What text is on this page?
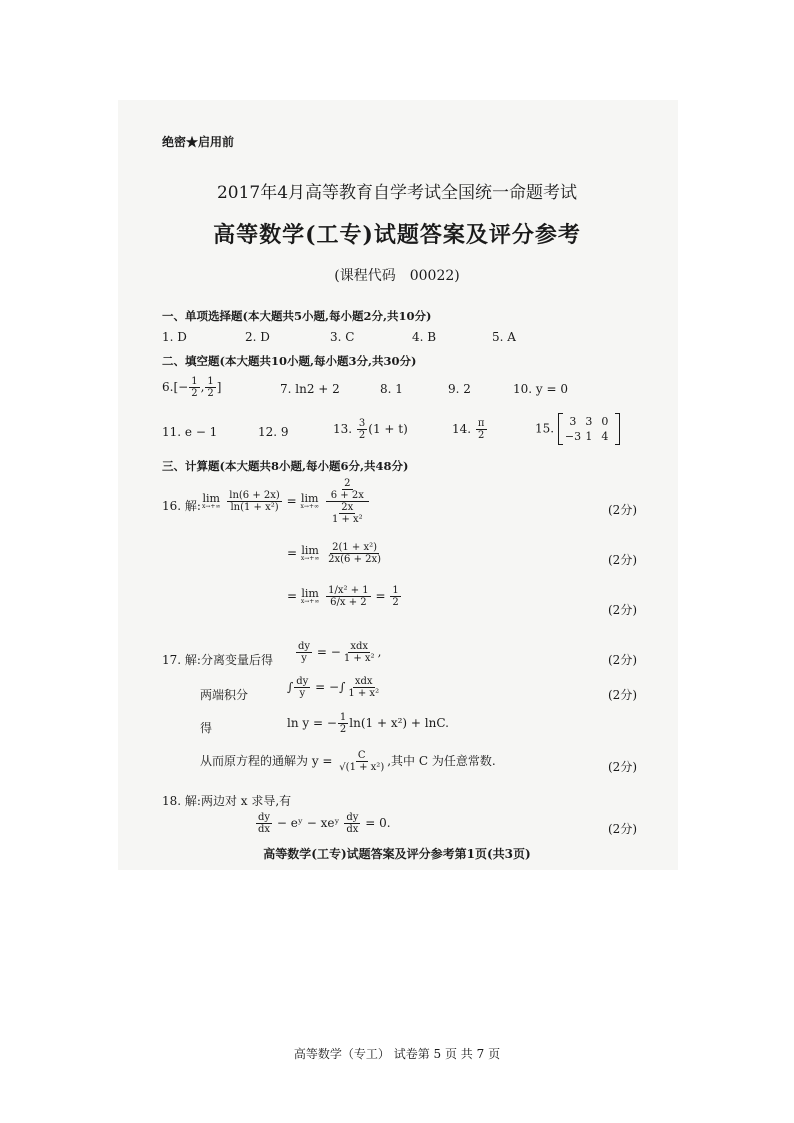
绝密★启用前
2017年4月高等教育自学考试全国统一命题考试
高等数学(工专)试题答案及评分参考
(课程代码　00022)
一、单项选择题(本大题共5小题,每小题2分,共10分)
1. D	2. D	3. C	4. B	5. A
二、填空题(本大题共10小题,每小题3分,共30分)
$6.[- \frac{1}{2}$ , $\frac{1}{2}$ ]	7. ln2 + 2	8. 1	9. 2	10. y = 0
11. e − 1	12. 9	13. $\frac{3}{2} (1 + t)$	14. $\frac{\pi}{2}$	15.	3 3 0
−3 1 4
三、计算题(本大题共8小题,每小题6分,共48分)
16. 解:
lim
x→+∞
$\frac{\ln(6 + 2x)}{\text{ln(1 + x²)}} = \lim$
x→+∞
$\frac{\frac{2}{6 + 2x}}{\frac{2x}{\text{1 + x²}}}$	(2分)
= lim
x→+∞
$\frac{\text{2(1 + x²)}}{2x(6 + 2x)}$	(2分)
= lim
x→+∞
$\frac{\text{1/x² + 1}}{6/x + 2} = \frac{1}{2}$
(2分)
17. 解:分离变量后得 $\frac{dy}{y}$ = − $\frac{\text{xdx}}{\text{1 + x²}}$ ,
(2分)
两端积分
∫ $\frac{dy}{y}$ = −∫ $\frac{\text{xdx}}{\text{1 + x²}}$	(2分)
得	ln y = − $\frac{1}{2} \ln(1 + x^2) + \ln C$.
从而原方程的通解为 $y = \frac{C}{\text{√(1 + x²)}}$ ,其中 C 为任意常数.	(2分)
18. 解:两边对 x 求导,有
$\frac{dy}{dx}$ − eʸ − xeʸ $\frac{dy}{dx} = 0$.	(2分)
高等数学(工专)试题答案及评分参考第1页(共3页)
高等数学（专工） 试卷第 5 页 共 7 页
